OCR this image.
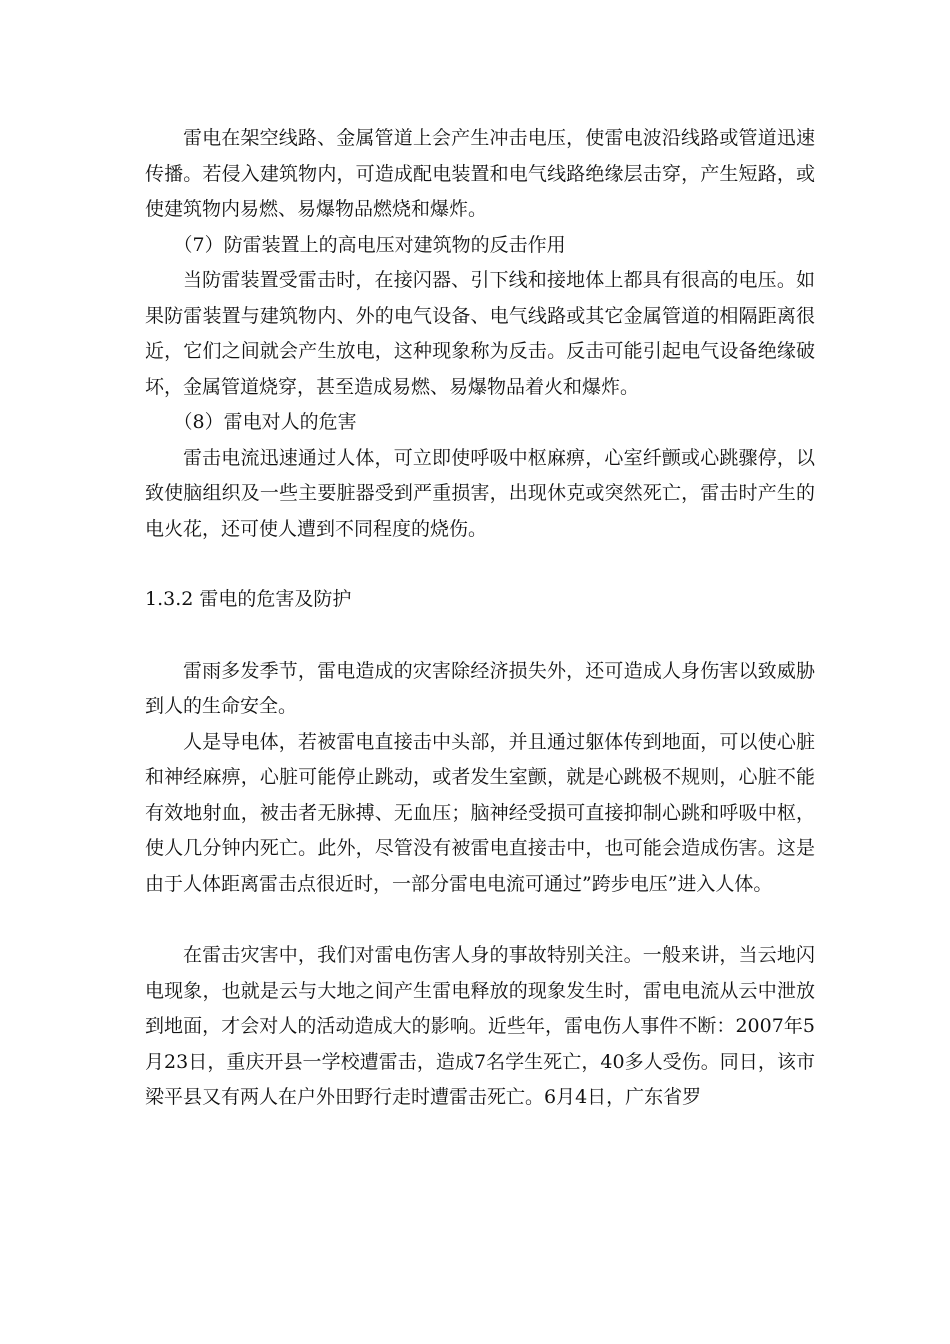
雷电在架空线路、金属管道上会产生冲击电压，使雷电波沿线路或管道迅速传播。若侵入建筑物内，可造成配电装置和电气线路绝缘层击穿，产生短路，或使建筑物内易燃、易爆物品燃烧和爆炸。

（7）防雷装置上的高电压对建筑物的反击作用

当防雷装置受雷击时，在接闪器、引下线和接地体上都具有很高的电压。如果防雷装置与建筑物内、外的电气设备、电气线路或其它金属管道的相隔距离很近，它们之间就会产生放电，这种现象称为反击。反击可能引起电气设备绝缘破坏，金属管道烧穿，甚至造成易燃、易爆物品着火和爆炸。

（8）雷电对人的危害

雷击电流迅速通过人体，可立即使呼吸中枢麻痹，心室纤颤或心跳骤停，以致使脑组织及一些主要脏器受到严重损害，出现休克或突然死亡，雷击时产生的电火花，还可使人遭到不同程度的烧伤。

1.3.2 雷电的危害及防护

雷雨多发季节，雷电造成的灾害除经济损失外，还可造成人身伤害以致威胁到人的生命安全。

人是导电体，若被雷电直接击中头部，并且通过躯体传到地面，可以使心脏和神经麻痹，心脏可能停止跳动，或者发生室颤，就是心跳极不规则，心脏不能有效地射血，被击者无脉搏、无血压；脑神经受损可直接抑制心跳和呼吸中枢，使人几分钟内死亡。此外，尽管没有被雷电直接击中，也可能会造成伤害。这是由于人体距离雷击点很近时，一部分雷电电流可通过”跨步电压”进入人体。

在雷击灾害中，我们对雷电伤害人身的事故特别关注。一般来讲，当云地闪电现象，也就是云与大地之间产生雷电释放的现象发生时，雷电电流从云中泄放到地面，才会对人的活动造成大的影响。近些年，雷电伤人事件不断：2007年5月23日，重庆开县一学校遭雷击，造成7名学生死亡，40多人受伤。同日，该市梁平县又有两人在户外田野行走时遭雷击死亡。6月4日，广东省罗
